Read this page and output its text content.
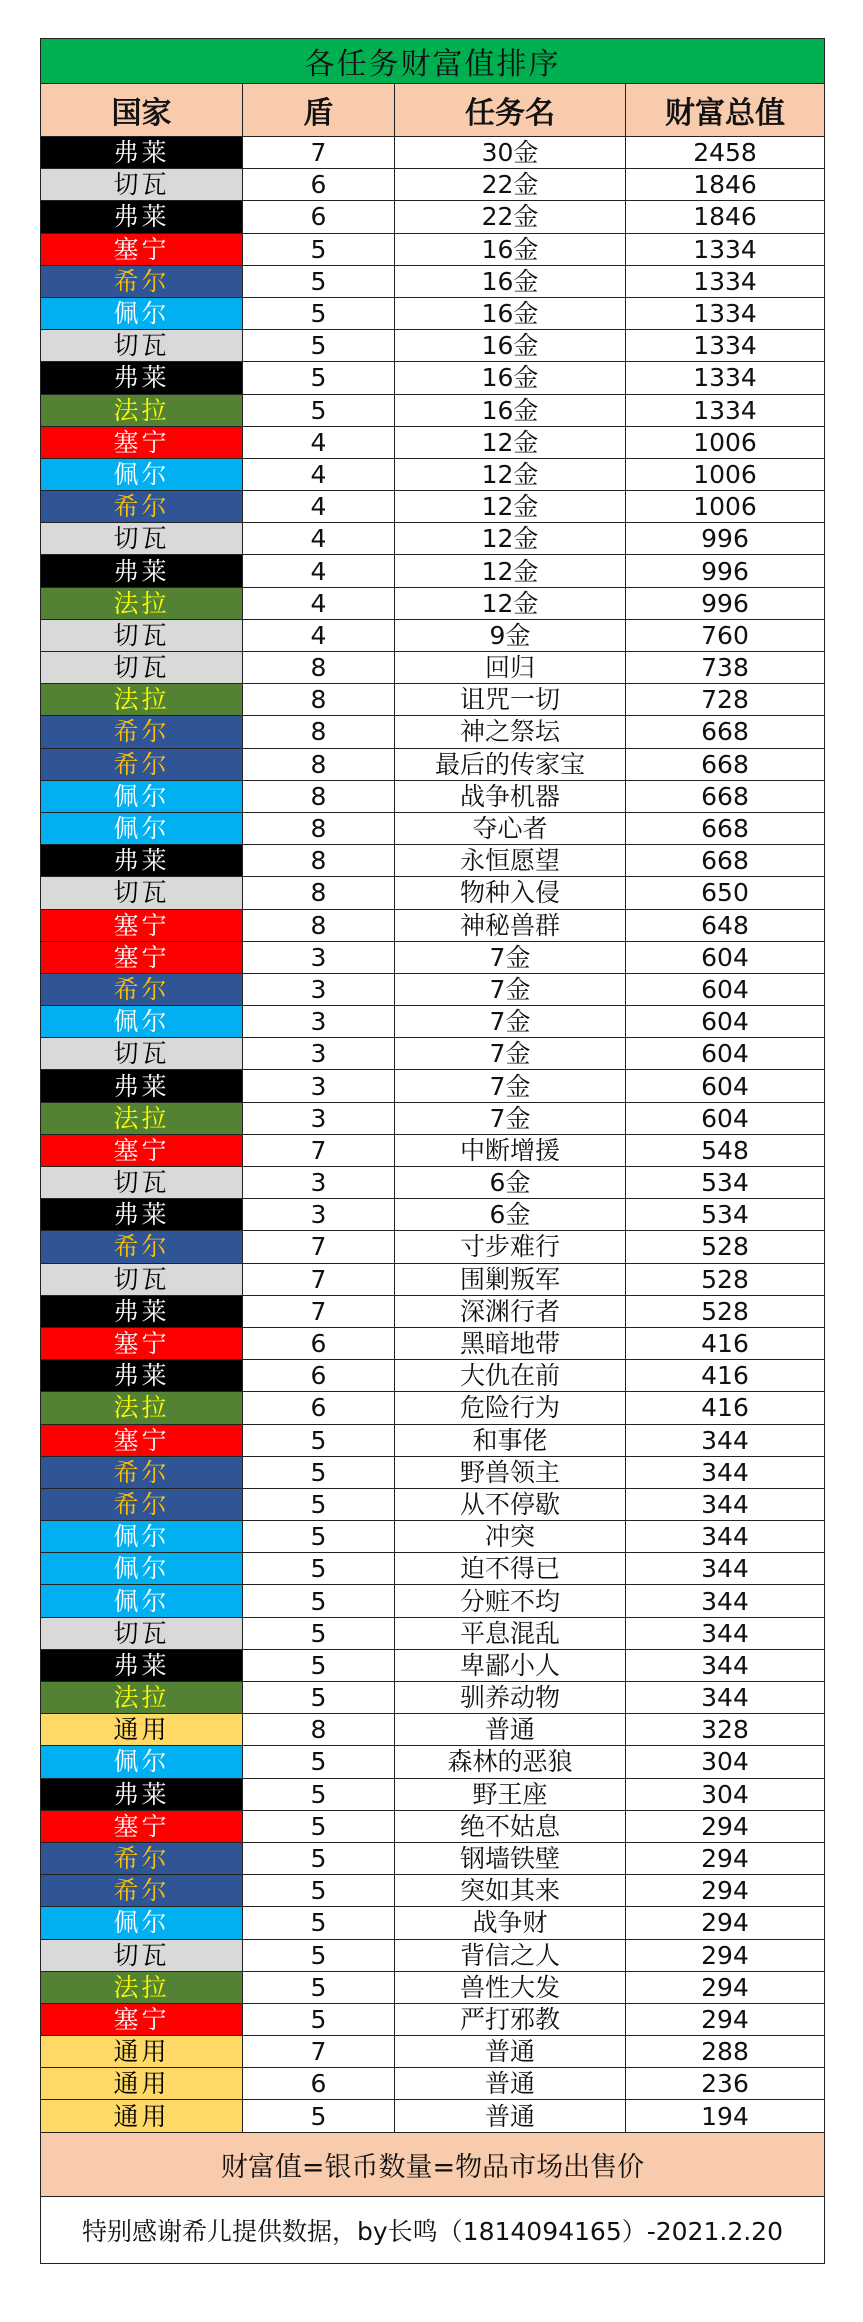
各任务财富值排序			
国家	盾	任务名	财富总值
弗莱	7	30金	2458
切瓦	6	22金	1846
弗莱	6	22金	1846
塞宁	5	16金	1334
希尔	5	16金	1334
佩尔	5	16金	1334
切瓦	5	16金	1334
弗莱	5	16金	1334
法拉	5	16金	1334
塞宁	4	12金	1006
佩尔	4	12金	1006
希尔	4	12金	1006
切瓦	4	12金	996
弗莱	4	12金	996
法拉	4	12金	996
切瓦	4	9金	760
切瓦	8	回归	738
法拉	8	诅咒一切	728
希尔	8	神之祭坛	668
希尔	8	最后的传家宝	668
佩尔	8	战争机器	668
佩尔	8	夺心者	668
弗莱	8	永恒愿望	668
切瓦	8	物种入侵	650
塞宁	8	神秘兽群	648
塞宁	3	7金	604
希尔	3	7金	604
佩尔	3	7金	604
切瓦	3	7金	604
弗莱	3	7金	604
法拉	3	7金	604
塞宁	7	中断增援	548
切瓦	3	6金	534
弗莱	3	6金	534
希尔	7	寸步难行	528
切瓦	7	围剿叛军	528
弗莱	7	深渊行者	528
塞宁	6	黑暗地带	416
弗莱	6	大仇在前	416
法拉	6	危险行为	416
塞宁	5	和事佬	344
希尔	5	野兽领主	344
希尔	5	从不停歇	344
佩尔	5	冲突	344
佩尔	5	迫不得已	344
佩尔	5	分赃不均	344
切瓦	5	平息混乱	344
弗莱	5	卑鄙小人	344
法拉	5	驯养动物	344
通用	8	普通	328
佩尔	5	森林的恶狼	304
弗莱	5	野王座	304
塞宁	5	绝不姑息	294
希尔	5	钢墙铁壁	294
希尔	5	突如其来	294
佩尔	5	战争财	294
切瓦	5	背信之人	294
法拉	5	兽性大发	294
塞宁	5	严打邪教	294
通用	7	普通	288
通用	6	普通	236
通用	5	普通	194
财富值=银币数量=物品市场出售价			
特别感谢希儿提供数据，by长鸣（1814094165）-2021.2.20			
